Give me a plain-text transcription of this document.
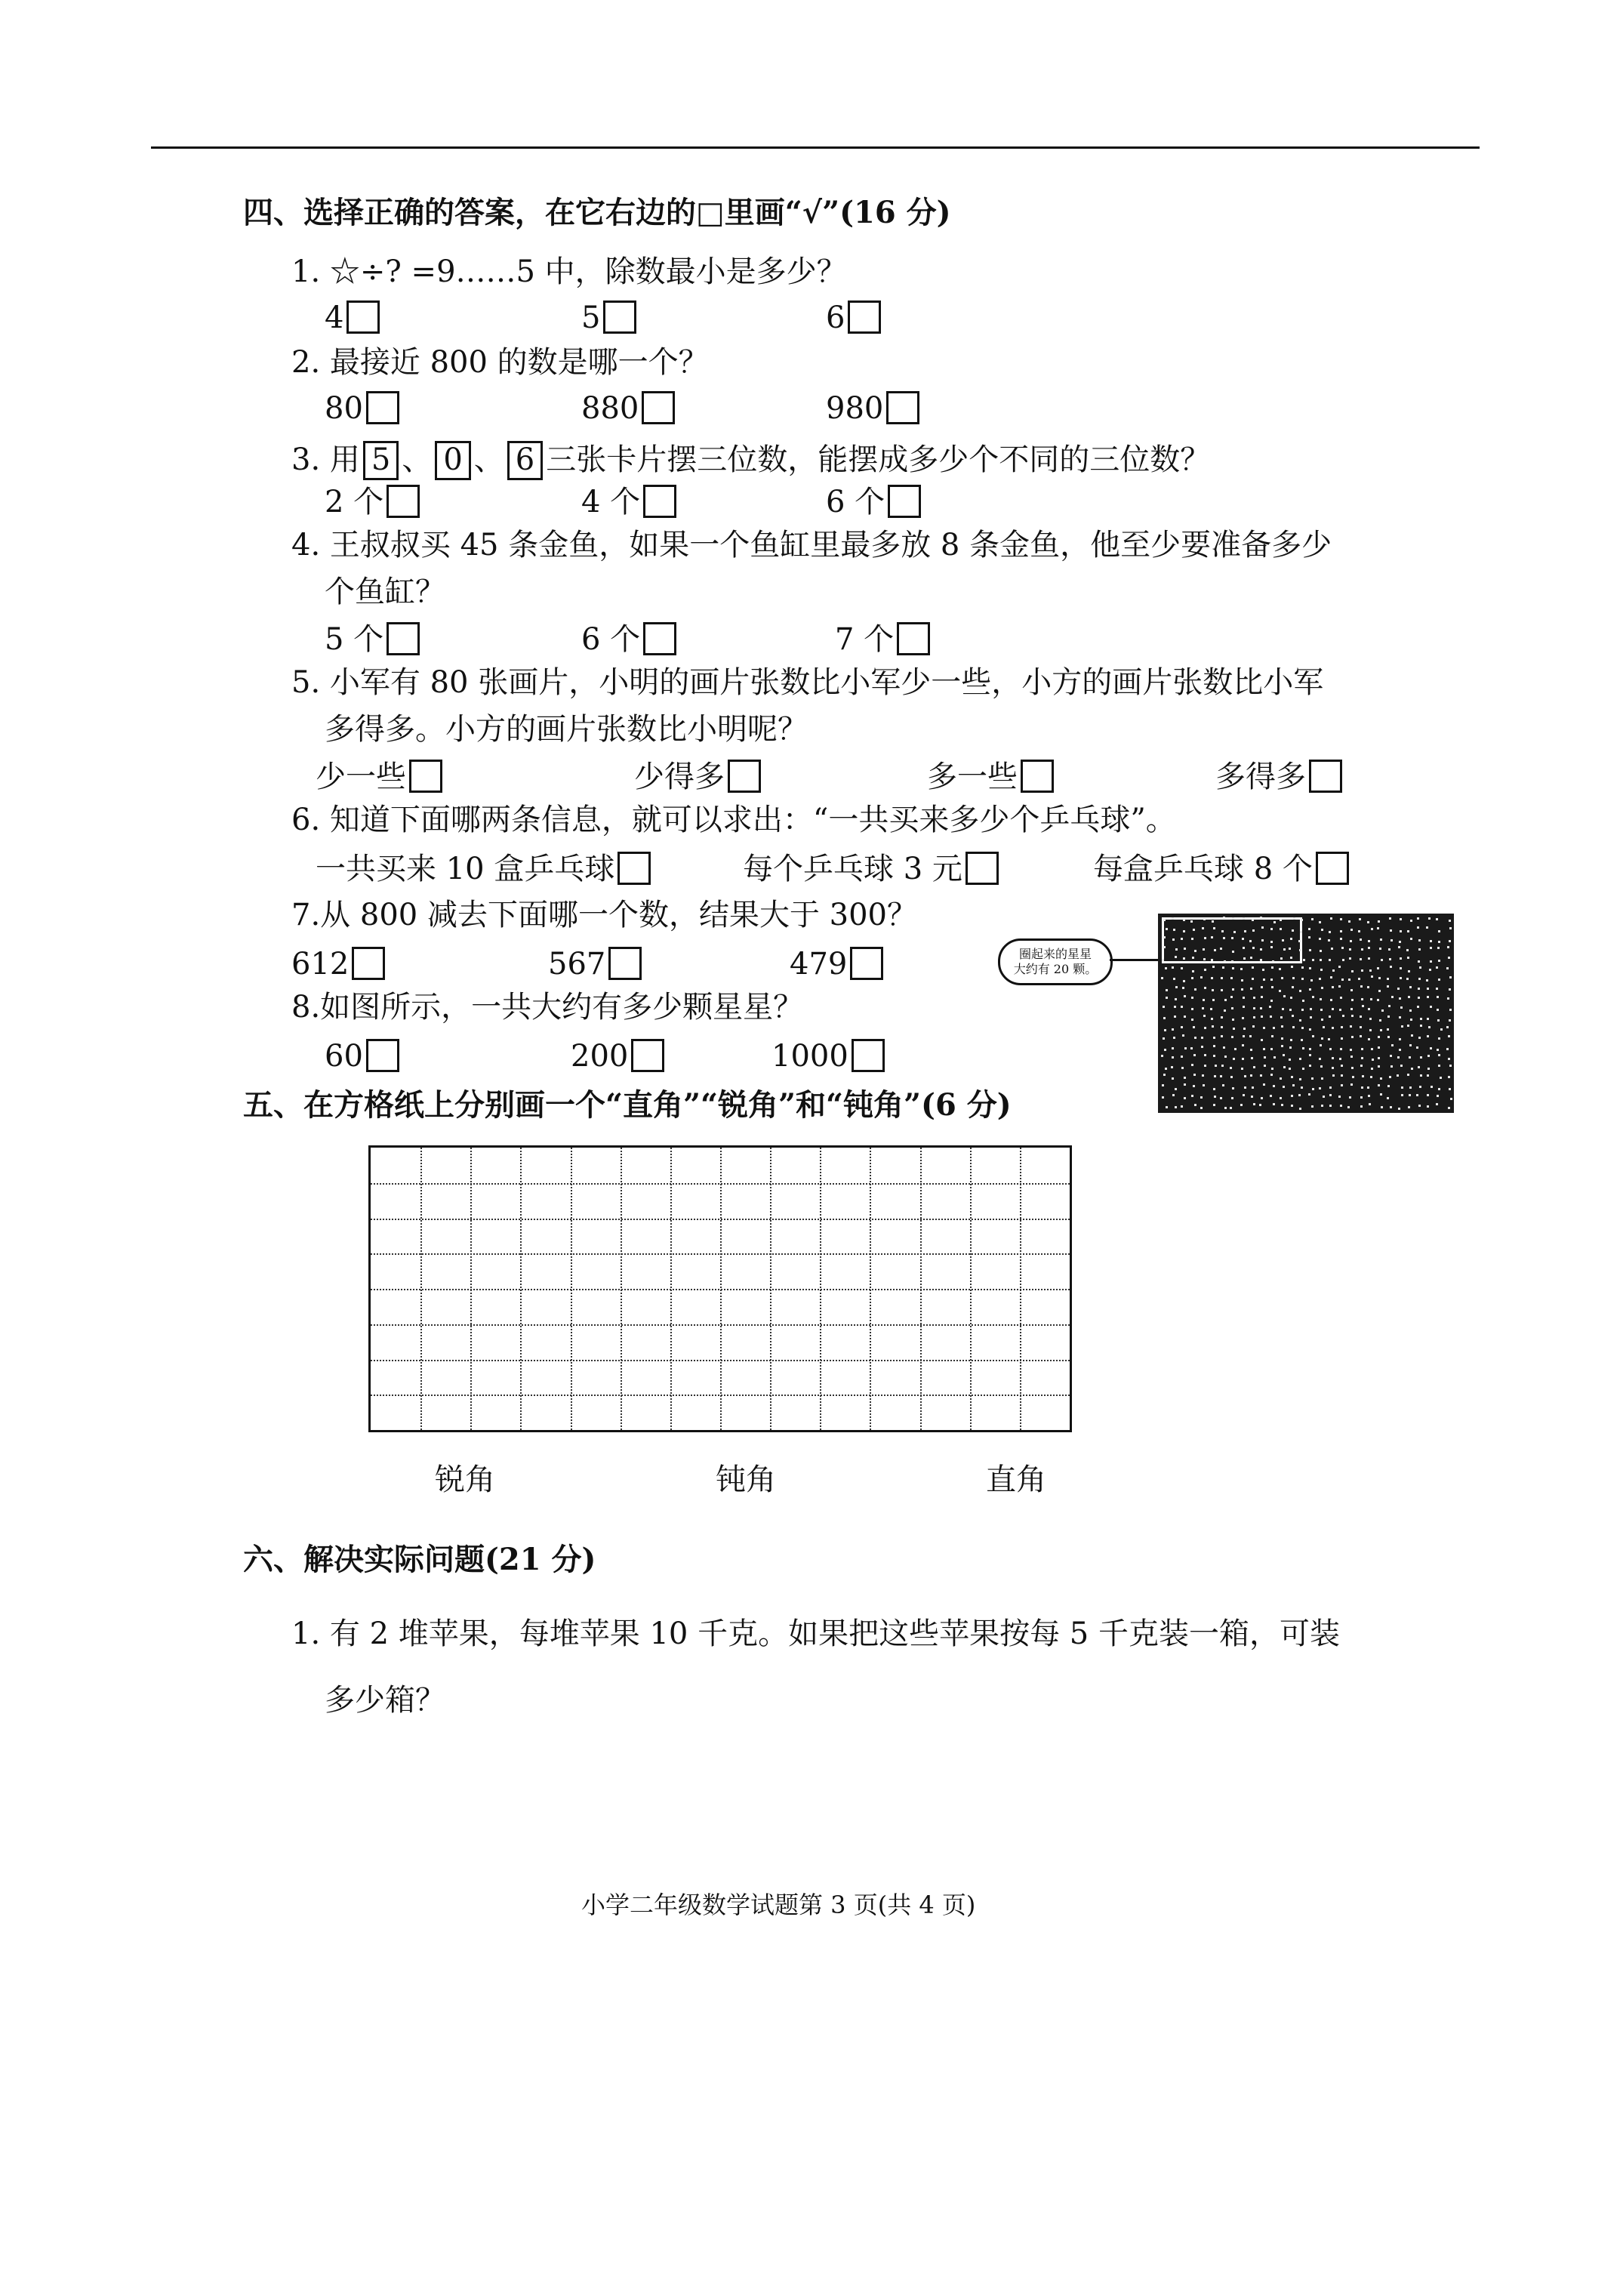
四、选择正确的答案，在它右边的□里画“√”(16 分)
1. ☆÷? =9……5 中，除数最小是多少？
4	5	6
2. 最接近 800 的数是哪一个？
80	880	980
3. 用 5 、 0 、 6 三张卡片摆三位数，能摆成多少个不同的三位数？
2 个	4 个	6 个
4. 王叔叔买 45 条金鱼，如果一个鱼缸里最多放 8 条金鱼，他至少要准备多少
个鱼缸？
5 个	6 个	7 个
5. 小军有 80 张画片，小明的画片张数比小军少一些，小方的画片张数比小军
多得多。小方的画片张数比小明呢？
少一些	少得多	多一些	多得多
6. 知道下面哪两条信息，就可以求出：“一共买来多少个乒乓球”。
一共买来 10 盒乒乓球	每个乒乓球 3 元	每盒乒乓球 8 个
7.从 800 减去下面哪一个数，结果大于 300？
612	567	479
8.如图所示，一共大约有多少颗星星？
60	200	1000
圈起来的星星
大约有 20 颗。
五、在方格纸上分别画一个“直角”“锐角”和“钝角”(6 分)
锐角	钝角	直角
六、解决实际问题(21 分)
1. 有 2 堆苹果，每堆苹果 10 千克。如果把这些苹果按每 5 千克装一箱，可装
多少箱？
小学二年级数学试题第 3 页(共 4 页)
